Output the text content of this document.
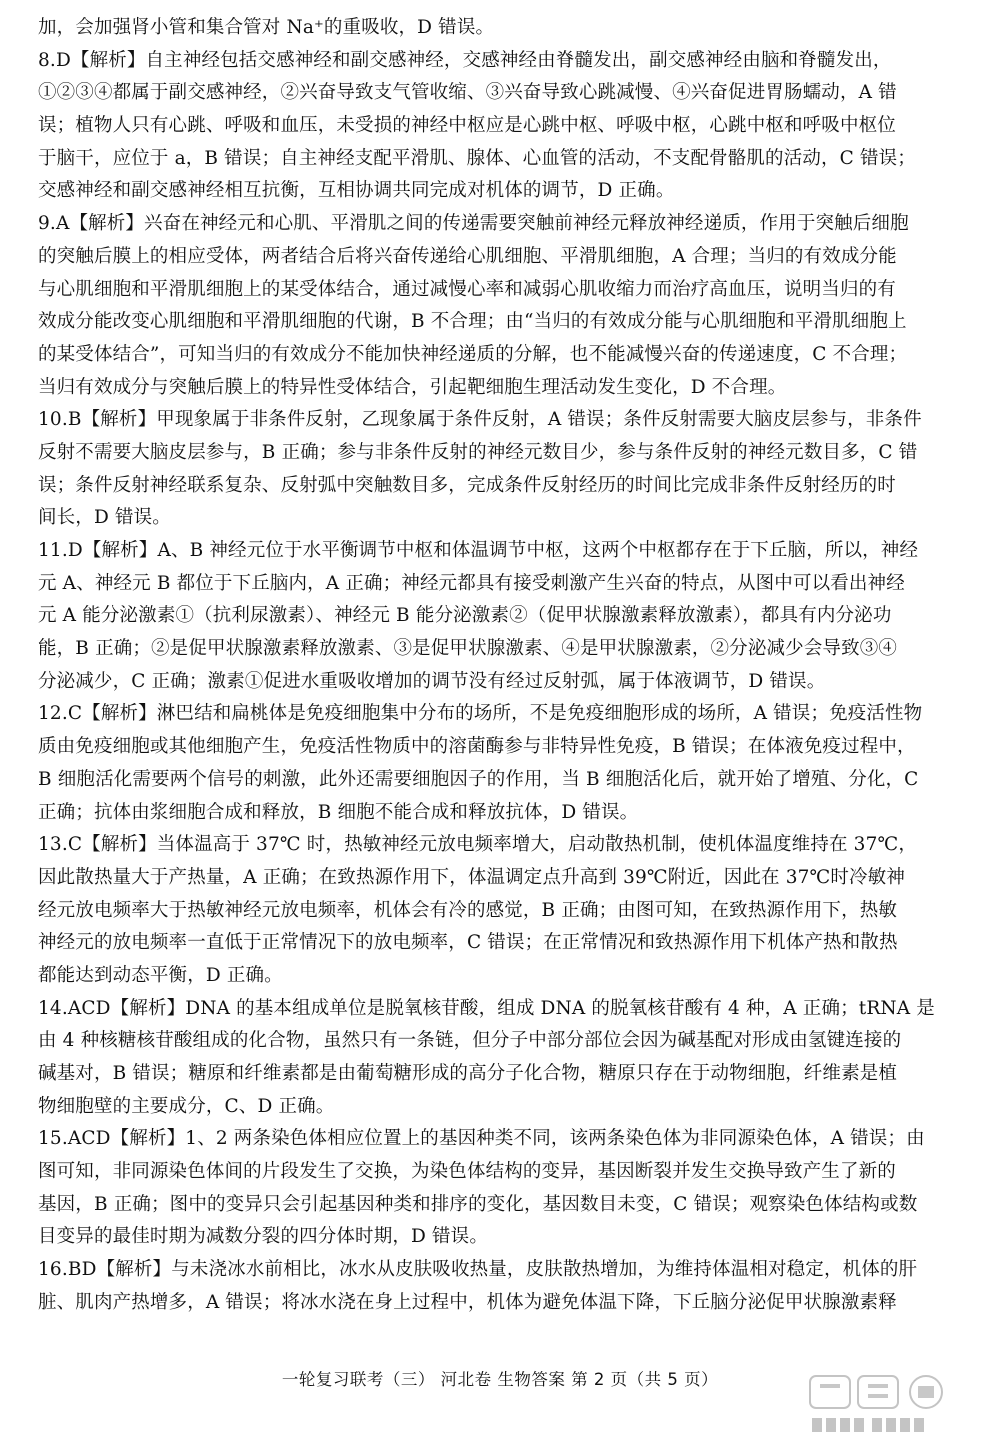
加，会加强肾小管和集合管对 Na⁺的重吸收，D 错误。
8.D【解析】自主神经包括交感神经和副交感神经，交感神经由脊髓发出，副交感神经由脑和脊髓发出，
①②③④都属于副交感神经，②兴奋导致支气管收缩、③兴奋导致心跳减慢、④兴奋促进胃肠蠕动，A 错
误；植物人只有心跳、呼吸和血压，未受损的神经中枢应是心跳中枢、呼吸中枢，心跳中枢和呼吸中枢位
于脑干，应位于 a，B 错误；自主神经支配平滑肌、腺体、心血管的活动，不支配骨骼肌的活动，C 错误；
交感神经和副交感神经相互抗衡，互相协调共同完成对机体的调节，D 正确。
9.A【解析】兴奋在神经元和心肌、平滑肌之间的传递需要突触前神经元释放神经递质，作用于突触后细胞
的突触后膜上的相应受体，两者结合后将兴奋传递给心肌细胞、平滑肌细胞，A 合理；当归的有效成分能
与心肌细胞和平滑肌细胞上的某受体结合，通过减慢心率和减弱心肌收缩力而治疗高血压，说明当归的有
效成分能改变心肌细胞和平滑肌细胞的代谢，B 不合理；由“当归的有效成分能与心肌细胞和平滑肌细胞上
的某受体结合”，可知当归的有效成分不能加快神经递质的分解，也不能减慢兴奋的传递速度，C 不合理；
当归有效成分与突触后膜上的特异性受体结合，引起靶细胞生理活动发生变化，D 不合理。
10.B【解析】甲现象属于非条件反射，乙现象属于条件反射，A 错误；条件反射需要大脑皮层参与，非条件
反射不需要大脑皮层参与，B 正确；参与非条件反射的神经元数目少，参与条件反射的神经元数目多，C 错
误；条件反射神经联系复杂、反射弧中突触数目多，完成条件反射经历的时间比完成非条件反射经历的时
间长，D 错误。
11.D【解析】A、B 神经元位于水平衡调节中枢和体温调节中枢，这两个中枢都存在于下丘脑，所以，神经
元 A、神经元 B 都位于下丘脑内，A 正确；神经元都具有接受刺激产生兴奋的特点，从图中可以看出神经
元 A 能分泌激素①（抗利尿激素）、神经元 B 能分泌激素②（促甲状腺激素释放激素），都具有内分泌功
能，B 正确；②是促甲状腺激素释放激素、③是促甲状腺激素、④是甲状腺激素，②分泌减少会导致③④
分泌减少，C 正确；激素①促进水重吸收增加的调节没有经过反射弧，属于体液调节，D 错误。
12.C【解析】淋巴结和扁桃体是免疫细胞集中分布的场所，不是免疫细胞形成的场所，A 错误；免疫活性物
质由免疫细胞或其他细胞产生，免疫活性物质中的溶菌酶参与非特异性免疫，B 错误；在体液免疫过程中，
B 细胞活化需要两个信号的刺激，此外还需要细胞因子的作用，当 B 细胞活化后，就开始了增殖、分化，C
正确；抗体由浆细胞合成和释放，B 细胞不能合成和释放抗体，D 错误。
13.C【解析】当体温高于 37℃ 时，热敏神经元放电频率增大，启动散热机制，使机体温度维持在 37℃，
因此散热量大于产热量，A 正确；在致热源作用下，体温调定点升高到 39℃附近，因此在 37℃时冷敏神
经元放电频率大于热敏神经元放电频率，机体会有冷的感觉，B 正确；由图可知，在致热源作用下，热敏
神经元的放电频率一直低于正常情况下的放电频率，C 错误；在正常情况和致热源作用下机体产热和散热
都能达到动态平衡，D 正确。
14.ACD【解析】DNA 的基本组成单位是脱氧核苷酸，组成 DNA 的脱氧核苷酸有 4 种，A 正确；tRNA 是
由 4 种核糖核苷酸组成的化合物，虽然只有一条链，但分子中部分部位会因为碱基配对形成由氢键连接的
碱基对，B 错误；糖原和纤维素都是由葡萄糖形成的高分子化合物，糖原只存在于动物细胞，纤维素是植
物细胞壁的主要成分，C、D 正确。
15.ACD【解析】1、2 两条染色体相应位置上的基因种类不同，该两条染色体为非同源染色体，A 错误；由
图可知，非同源染色体间的片段发生了交换，为染色体结构的变异，基因断裂并发生交换导致产生了新的
基因，B 正确；图中的变异只会引起基因种类和排序的变化，基因数目未变，C 错误；观察染色体结构或数
目变异的最佳时期为减数分裂的四分体时期，D 错误。
16.BD【解析】与未浇冰水前相比，冰水从皮肤吸收热量，皮肤散热增加，为维持体温相对稳定，机体的肝
脏、肌肉产热增多，A 错误；将冰水浇在身上过程中，机体为避免体温下降，下丘脑分泌促甲状腺激素释
一轮复习联考（三） 河北卷 生物答案 第 2 页（共 5 页）
